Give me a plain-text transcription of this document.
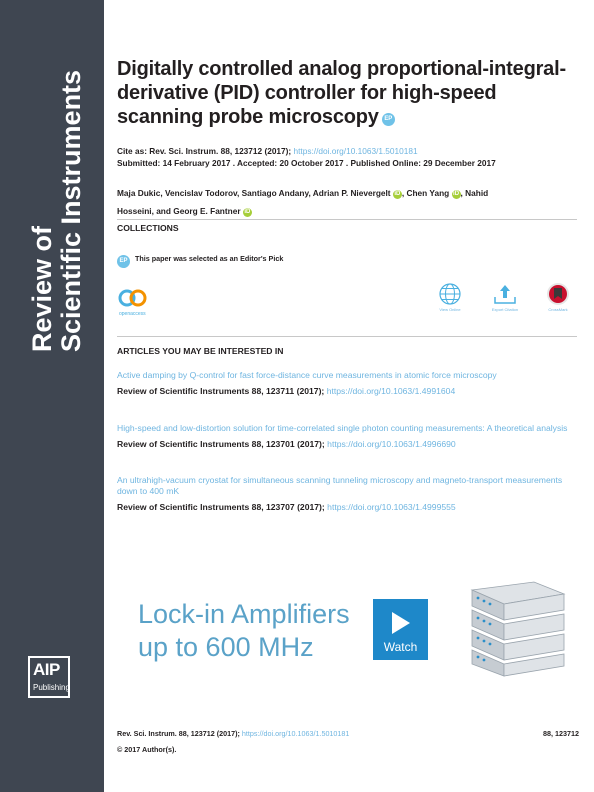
Review of Scientific Instruments
AIP
Publishing
Digitally controlled analog proportional-integral-derivative (PID) controller for high-speed scanning probe microscopy EP
Cite as: Rev. Sci. Instrum. 88, 123712 (2017); https://doi.org/10.1063/1.5010181
Submitted: 14 February 2017 . Accepted: 20 October 2017 . Published Online: 29 December 2017
Maja Dukic, Vencislav Todorov, Santiago Andany, Adrian P. Nievergelt iD , Chen Yang iD , Nahid
Hosseini, and Georg E. Fantner iD
COLLECTIONS
EP This paper was selected as an Editor's Pick
openaccess
View Online	Export Citation	CrossMark
ARTICLES YOU MAY BE INTERESTED IN
Active damping by Q-control for fast force-distance curve measurements in atomic force microscopy
Review of Scientific Instruments 88, 123711 (2017); https://doi.org/10.1063/1.4991604
High-speed and low-distortion solution for time-correlated single photon counting measurements: A theoretical analysis
Review of Scientific Instruments 88, 123701 (2017); https://doi.org/10.1063/1.4996690
An ultrahigh-vacuum cryostat for simultaneous scanning tunneling microscopy and magneto-transport measurements down to 400 mK
Review of Scientific Instruments 88, 123707 (2017); https://doi.org/10.1063/1.4999555
Lock-in Amplifiers
up to 600 MHz	Watch
Rev. Sci. Instrum. 88, 123712 (2017); https://doi.org/10.1063/1.5010181	88, 123712
© 2017 Author(s).
